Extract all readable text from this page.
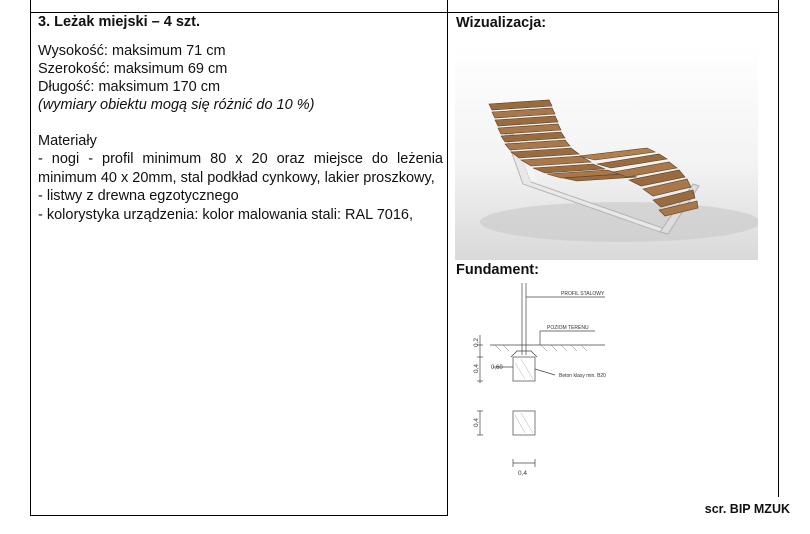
3. Leżak miejski – 4 szt.
Wysokość: maksimum 71 cm
Szerokość: maksimum 69 cm
Długość: maksimum 170 cm
(wymiary obiektu mogą się różnić do 10 %)
Materiały
- nogi - profil minimum 80 x 20 oraz miejsce do leżenia minimum 40 x 20mm, stal podkład cynkowy, lakier proszkowy,
- listwy z drewna egzotycznego
- kolorystyka urządzenia: kolor malowania stali: RAL 7016,
Wizualizacja:
Fundament:
PROFIL STALOWY
POZIOM TERENU
Beton klasy min. B20
0,60
0,4
0,2
0,4
0,4
scr. BIP MZUK
